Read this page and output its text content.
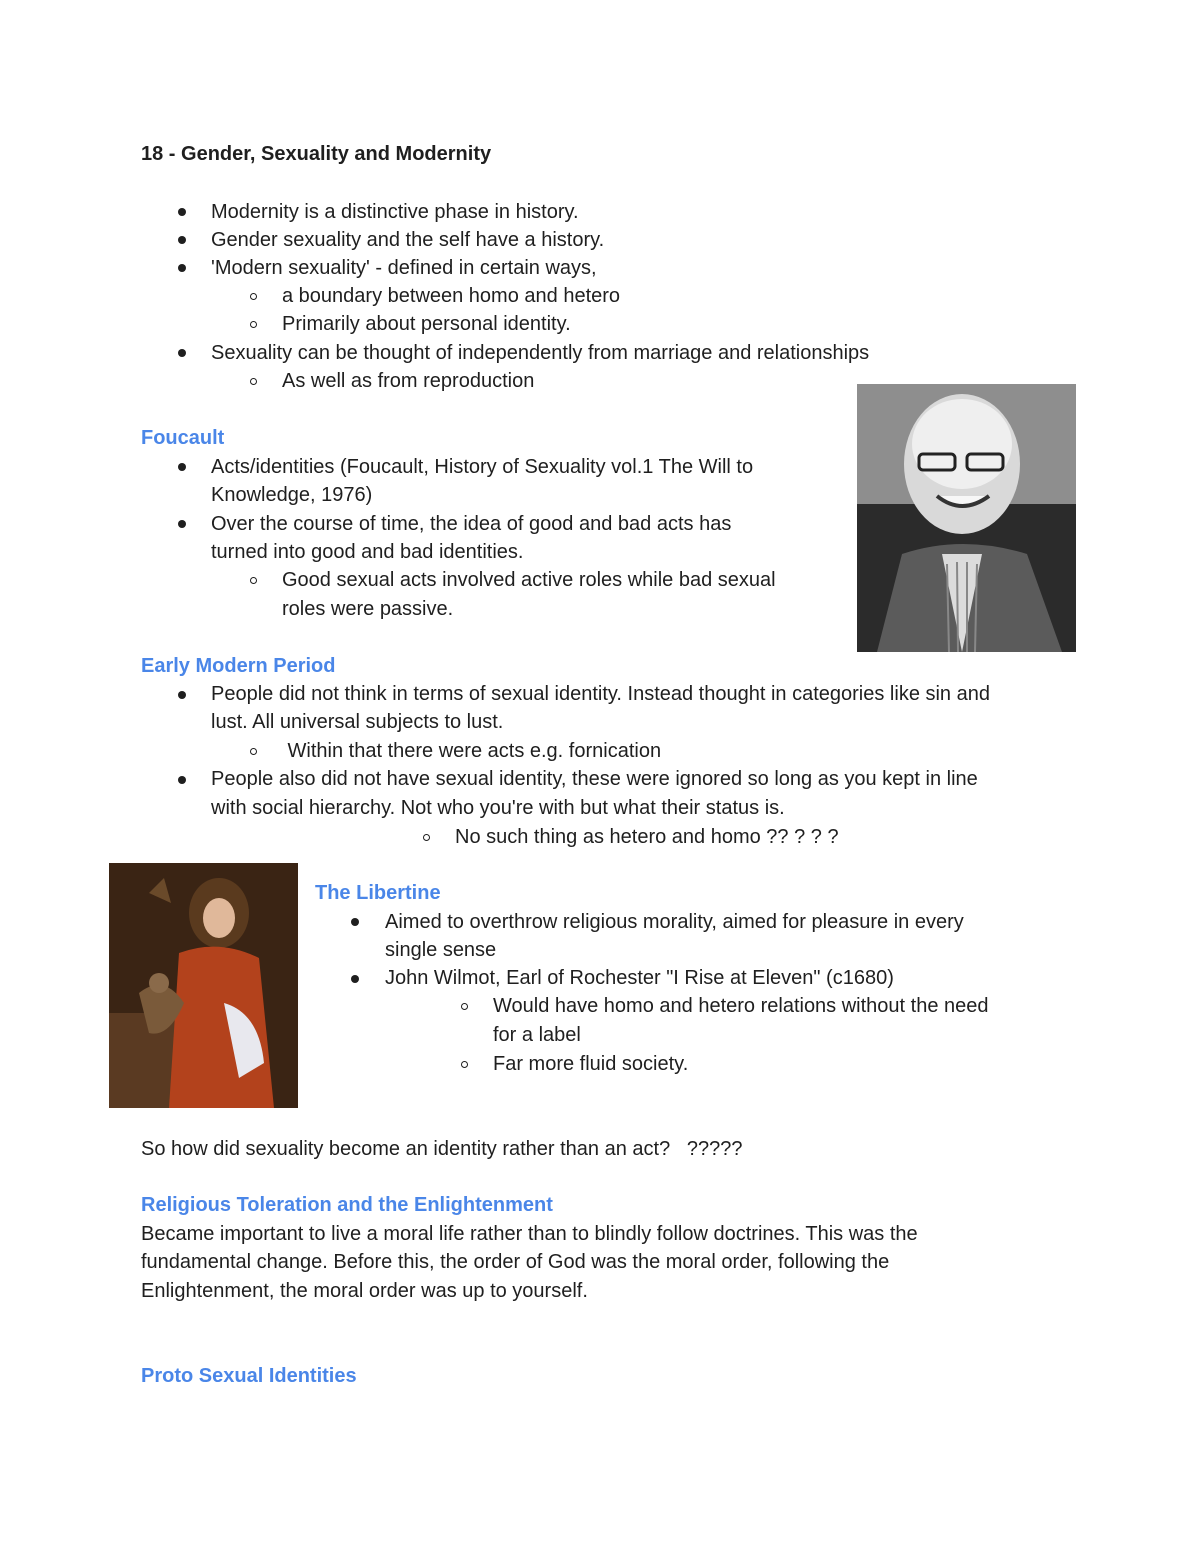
18 - Gender, Sexuality and Modernity

Modernity is a distinctive phase in history.

Gender sexuality and the self have a history.

'Modern sexuality' - defined in certain ways,

a boundary between homo and hetero

Primarily about personal identity.

Sexuality can be thought of independently from marriage and relationships

As well as from reproduction

Foucault

Acts/identities (Foucault, History of Sexuality vol.1 The Will to

Knowledge, 1976)

Over the course of time, the idea of good and bad acts has

turned into good and bad identities.

Good sexual acts involved active roles while bad sexual

roles were passive.

Early Modern Period

People did not think in terms of sexual identity. Instead thought in categories like sin and

lust. All universal subjects to lust.

Within that there were acts e.g. fornication

People also did not have sexual identity, these were ignored so long as you kept in line

with social hierarchy. Not who you're with but what their status is.

No such thing as hetero and homo ?? ? ? ?

The Libertine

Aimed to overthrow religious morality, aimed for pleasure in every

single sense

John Wilmot, Earl of Rochester "I Rise at Eleven" (c1680)

Would have homo and hetero relations without the need

for a label

Far more fluid society.

So how did sexuality become an identity rather than an act?   ?????

Religious Toleration and the Enlightenment

Became important to live a moral life rather than to blindly follow doctrines. This was the

fundamental change. Before this, the order of God was the moral order, following the

Enlightenment, the moral order was up to yourself.

Proto Sexual Identities
